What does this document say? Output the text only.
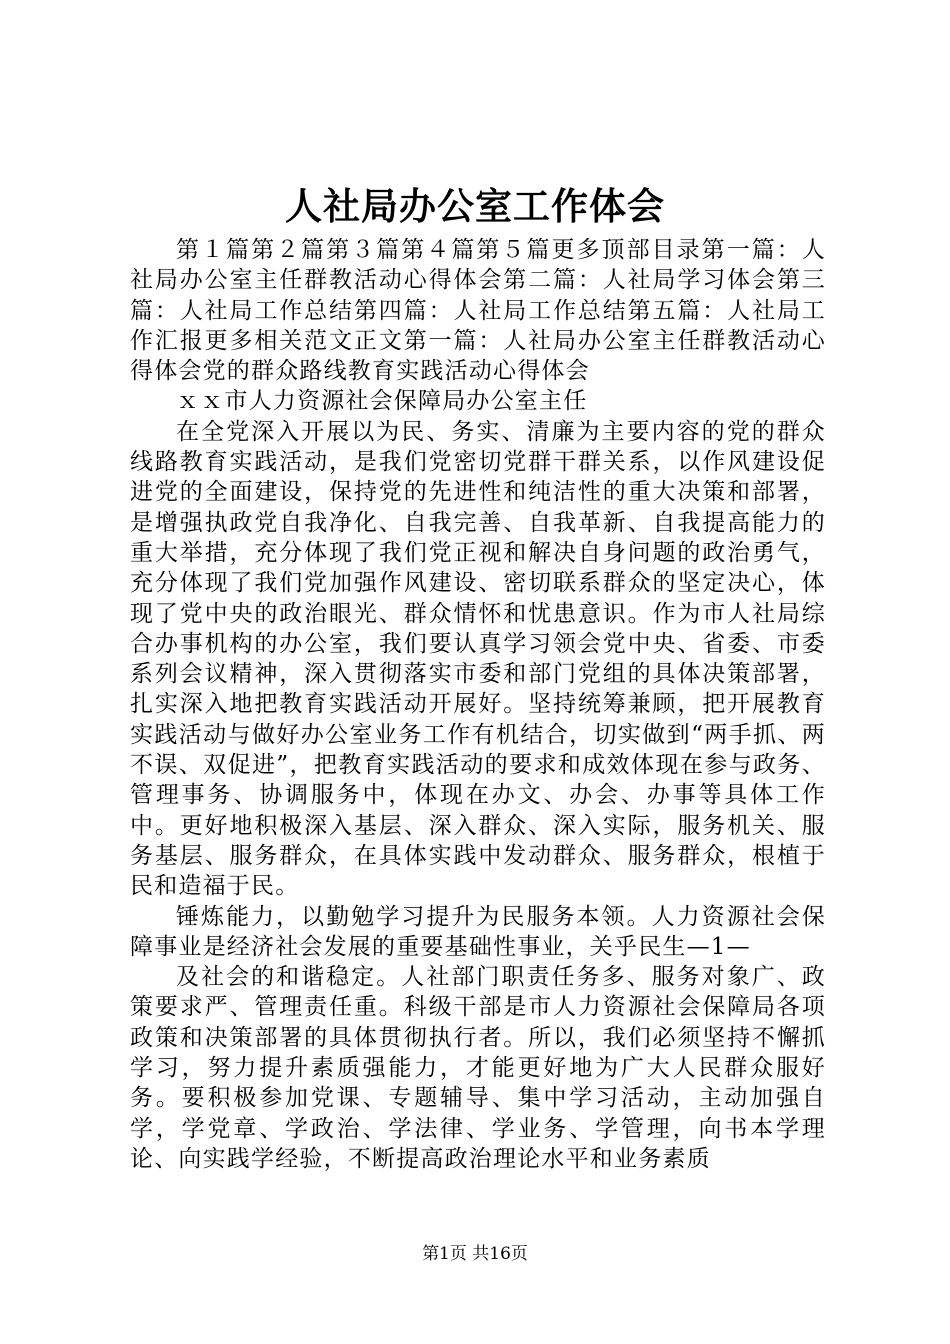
人社局办公室工作体会

第１篇第２篇第３篇第４篇第５篇更多顶部目录第一篇：人社局办公室主任群教活动心得体会第二篇：人社局学习体会第三篇：人社局工作总结第四篇：人社局工作总结第五篇：人社局工作汇报更多相关范文正文第一篇：人社局办公室主任群教活动心得体会党的群众路线教育实践活动心得体会

ｘｘ市人力资源社会保障局办公室主任

在全党深入开展以为民、务实、清廉为主要内容的党的群众线路教育实践活动，是我们党密切党群干群关系，以作风建设促进党的全面建设，保持党的先进性和纯洁性的重大决策和部署，是增强执政党自我净化、自我完善、自我革新、自我提高能力的重大举措，充分体现了我们党正视和解决自身问题的政治勇气，充分体现了我们党加强作风建设、密切联系群众的坚定决心，体现了党中央的政治眼光、群众情怀和忧患意识。作为市人社局综合办事机构的办公室，我们要认真学习领会党中央、省委、市委系列会议精神，深入贯彻落实市委和部门党组的具体决策部署，扎实深入地把教育实践活动开展好。坚持统筹兼顾，把开展教育实践活动与做好办公室业务工作有机结合，切实做到“两手抓、两不误、双促进”，把教育实践活动的要求和成效体现在参与政务、管理事务、协调服务中，体现在办文、办会、办事等具体工作中。更好地积极深入基层、深入群众、深入实际，服务机关、服务基层、服务群众，在具体实践中发动群众、服务群众，根植于民和造福于民。

锤炼能力，以勤勉学习提升为民服务本领。人力资源社会保障事业是经济社会发展的重要基础性事业，关乎民生—1—

及社会的和谐稳定。人社部门职责任务多、服务对象广、政策要求严、管理责任重。科级干部是市人力资源社会保障局各项政策和决策部署的具体贯彻执行者。所以，我们必须坚持不懈抓学习，努力提升素质强能力，才能更好地为广大人民群众服好务。要积极参加党课、专题辅导、集中学习活动，主动加强自学，学党章、学政治、学法律、学业务、学管理，向书本学理论、向实践学经验，不断提高政治理论水平和业务素质

第1页 共16页
